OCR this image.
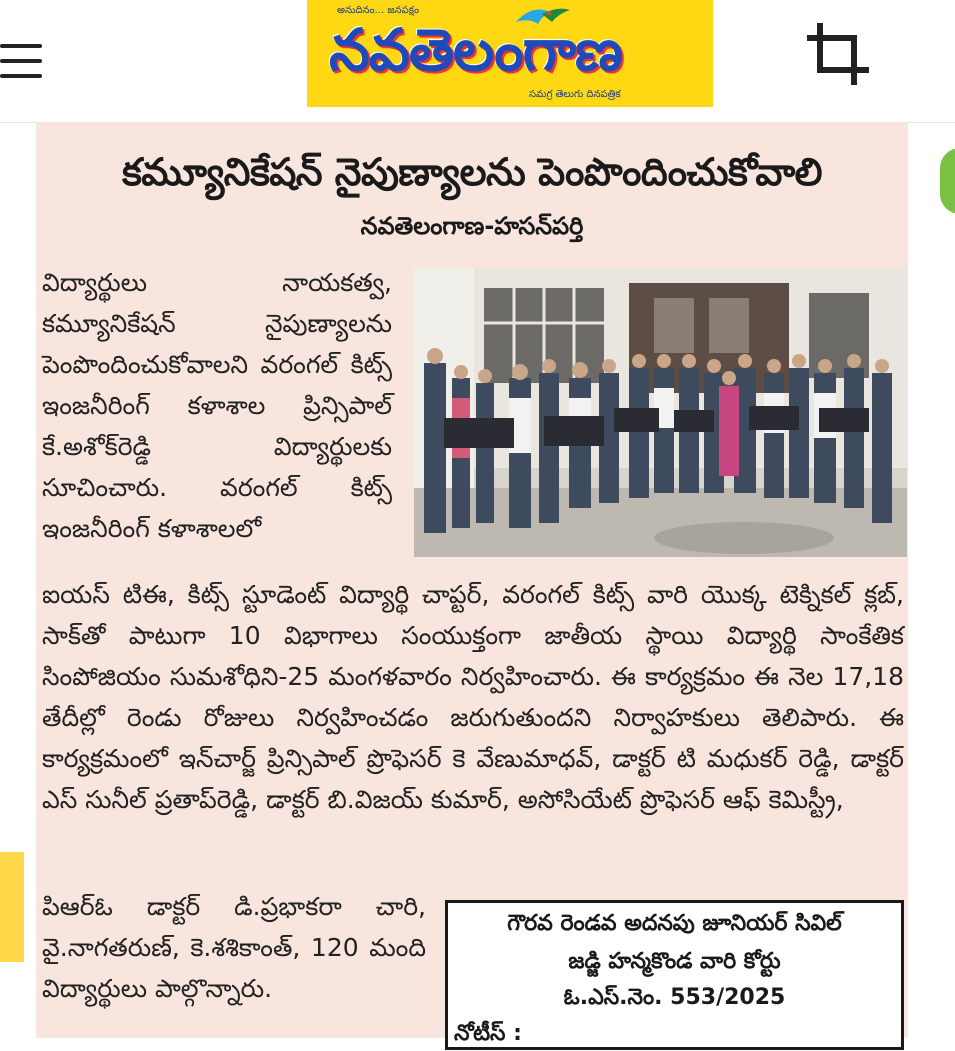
అనుదినం... జనపక్షం
నవతెలంగాణ
సమగ్ర తెలుగు దినపత్రిక
కమ్యూనికేషన్ నైపుణ్యాలను పెంపొందించుకోవాలి
నవతెలంగాణ-హసన్‌పర్తి
విద్యార్థులు నాయకత్వ, కమ్యూనికేషన్ నైపుణ్యాలను పెంపొందించుకోవాలని వరంగల్ కిట్స్ ఇంజనీరింగ్ కళాశాల ప్రిన్సిపాల్ కే.అశోక్‌రెడ్డి విద్యార్థులకు సూచించారు. వరంగల్ కిట్స్ ఇంజనీరింగ్ కళాశాలలో
ఐయస్ టిఈ, కిట్స్ స్టూడెంట్ విద్యార్థి చాప్టర్, వరంగల్ కిట్స్ వారి యొక్క టెక్నికల్ క్లబ్, సాక్‌తో పాటుగా 10 విభాగాలు సంయుక్తంగా జాతీయ స్థాయి విద్యార్థి సాంకేతిక సింపోజియం సుమశోధిని-25 మంగళవారం నిర్వహించారు. ఈ కార్యక్రమం ఈ నెల 17,18 తేదీల్లో రెండు రోజులు నిర్వహించడం జరుగుతుందని నిర్వాహకులు తెలిపారు. ఈ కార్యక్రమంలో ఇన్‌చార్జ్ ప్రిన్సిపాల్ ప్రొఫెసర్ కె వేణుమాధవ్, డాక్టర్ టి మధుకర్ రెడ్డి, డాక్టర్ ఎస్ సునీల్ ప్రతాప్‌రెడ్డి, డాక్టర్ బి.విజయ్ కుమార్, అసోసియేట్ ప్రొఫెసర్ ఆఫ్ కెమిస్ట్రీ,
పిఆర్ఓ డాక్టర్ డి.ప్రభాకరా చారి, వై.నాగతరుణ్, కె.శశికాంత్, 120 మంది విద్యార్థులు పాల్గొన్నారు.
గౌరవ రెండవ అదనపు జూనియర్ సివిల్
జడ్జి హన్మకొండ వారి కోర్టు
ఓ.ఎస్.నెం. 553/2025
నోటీస్ :
